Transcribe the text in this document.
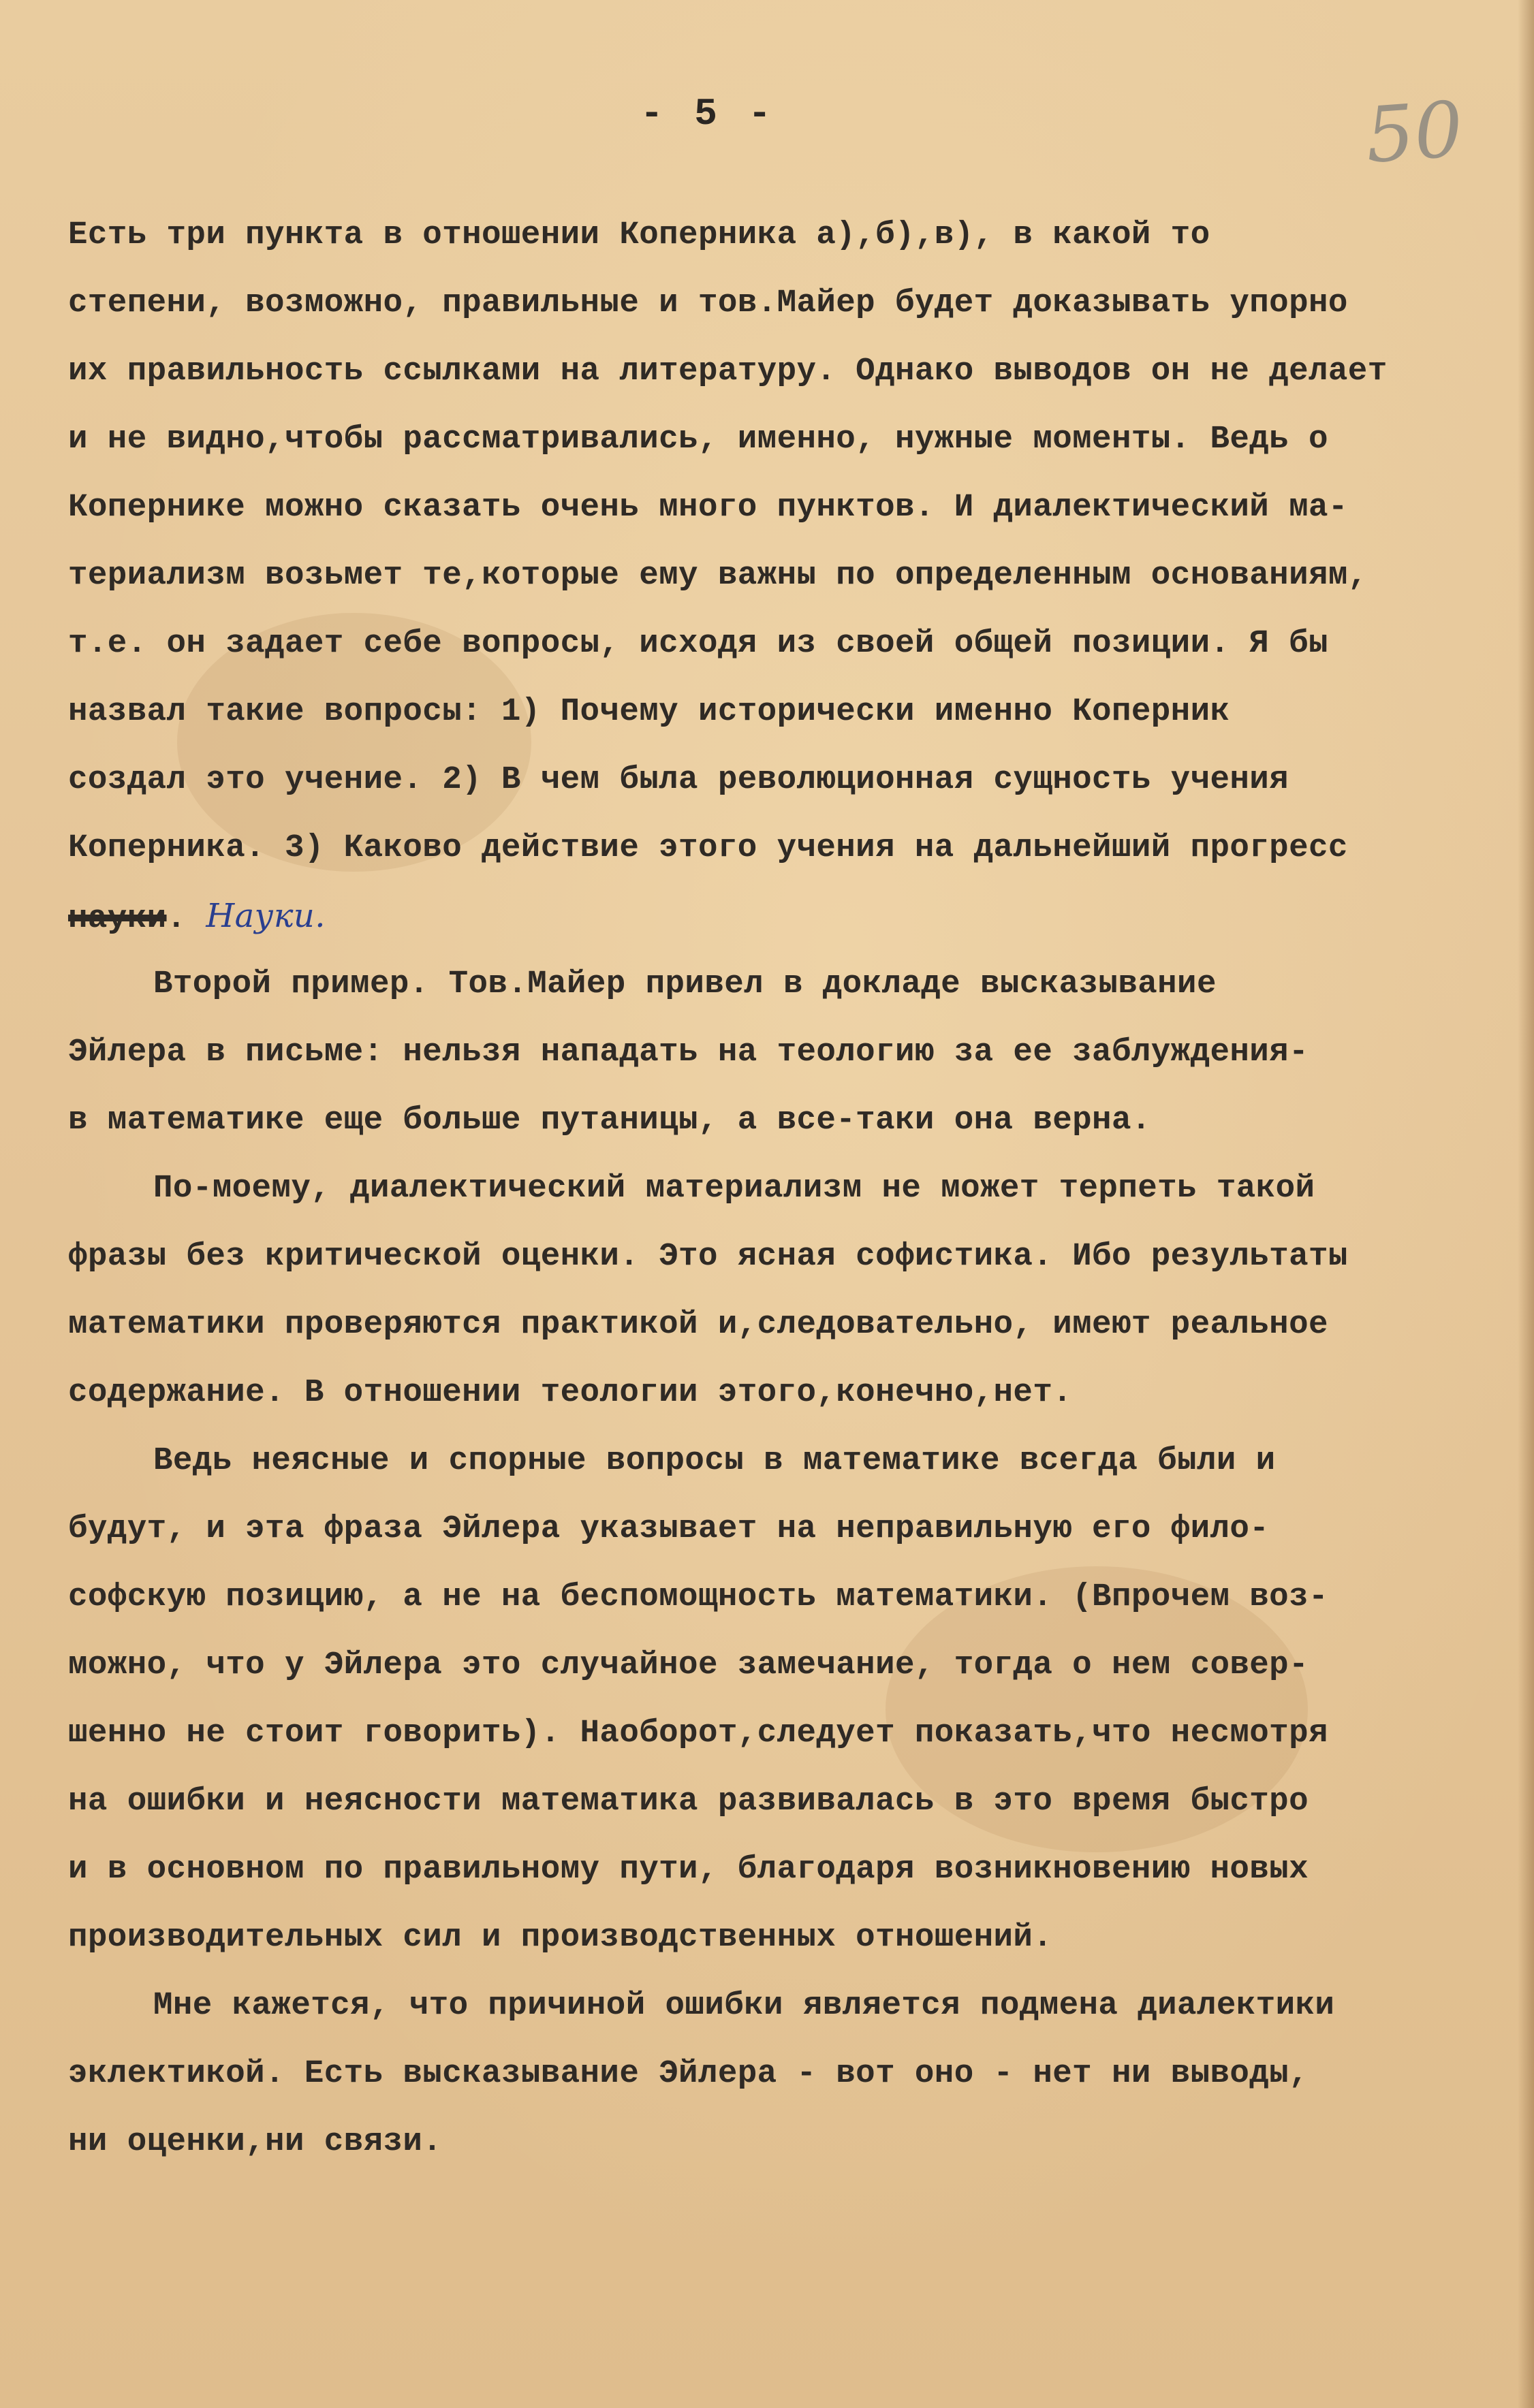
- 5 -	50
Есть три пункта в отношении Коперника а),б),в), в какой то
степени, возможно, правильные и тов.Майер будет доказывать упорно
их правильность ссылками на литературу. Однако выводов он не делает
и не видно,чтобы рассматривались, именно, нужные моменты. Ведь о
Копернике можно сказать очень много пунктов. И диалектический ма-
териализм возьмет те,которые ему важны по определенным основаниям,
т.е. он задает себе вопросы, исходя из своей общей позиции. Я бы
назвал такие вопросы: 1) Почему исторически именно Коперник
создал это учение. 2) В чем была революционная сущность учения
Коперника. 3) Каково действие этого учения на дальнейший прогресс
науки. Науки.
Второй пример. Тов.Майер привел в докладе высказывание
Эйлера в письме: нельзя нападать на теологию за ее заблуждения-
в математике еще больше путаницы, а все-таки она верна.
По-моему, диалектический материализм не может терпеть такой
фразы без критической оценки. Это ясная софистика. Ибо результаты
математики проверяются практикой и,следовательно, имеют реальное
содержание. В отношении теологии этого,конечно,нет.
Ведь неясные и спорные вопросы в математике всегда были и
будут, и эта фраза Эйлера указывает на неправильную его фило-
софскую позицию, а не на беспомощность математики. (Впрочем воз-
можно, что у Эйлера это случайное замечание, тогда о нем совер-
шенно не стоит говорить). Наоборот,следует показать,что несмотря
на ошибки и неясности математика развивалась в это время быстро
и в основном по правильному пути, благодаря возникновению новых
производительных сил и производственных отношений.
Мне кажется, что причиной ошибки является подмена диалектики
эклектикой. Есть высказывание Эйлера - вот оно - нет ни выводы,
ни оценки,ни связи.
